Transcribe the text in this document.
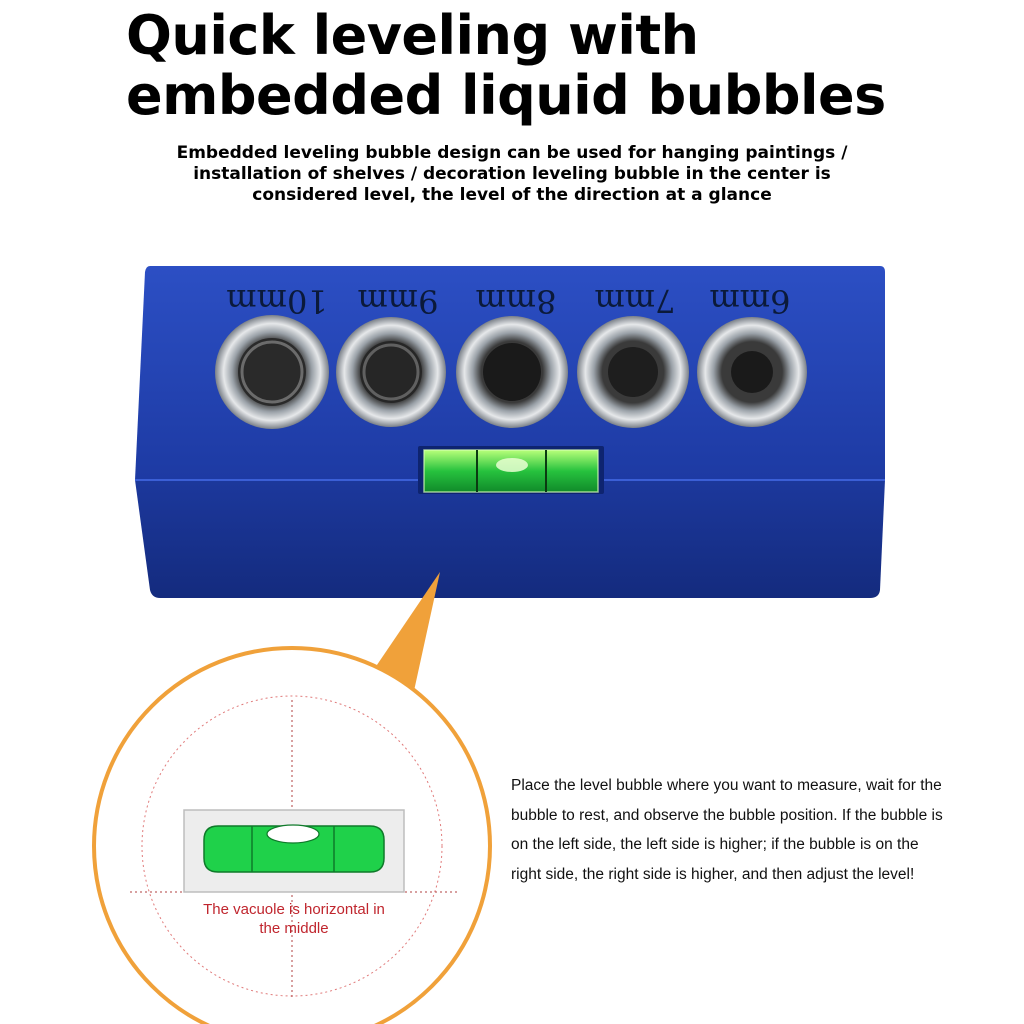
Quick leveling with embedded liquid bubbles

Embedded leveling bubble design can be used for hanging paintings / installation of shelves / decoration leveling bubble in the center is considered level, the level of the direction at a glance

10mm 9mm	8mm	7mm	6mm
The vacuole is horizontal in the middle

Place the level bubble where you want to measure, wait for the bubble to rest, and observe the bubble position. If the bubble is on the left side, the left side is higher; if the bubble is on the right side, the right side is higher, and then adjust the level!
